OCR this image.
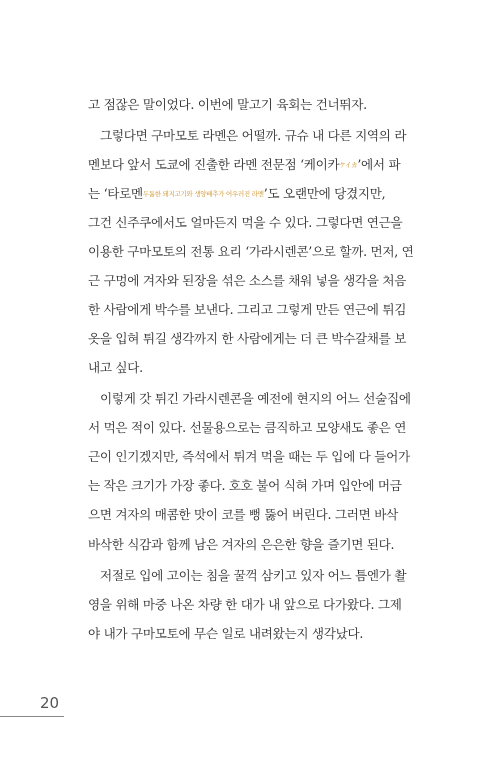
고 점잖은 말이었다. 이번에 말고기 육회는 건너뛰자.
그렇다면 구마모토 라멘은 어떨까. 규슈 내 다른 지역의 라
멘보다 앞서 도쿄에 진출한 라멘 전문점 ‘케이카ケイカ’에서 파
는 ‘타로멘두툼한 돼지고기와 생양배추가 어우러진 라멘’도 오랜만에 당겼지만,
그건 신주쿠에서도 얼마든지 먹을 수 있다. 그렇다면 연근을
이용한 구마모토의 전통 요리 ‘가라시렌콘’으로 할까. 먼저, 연
근 구멍에 겨자와 된장을 섞은 소스를 채워 넣을 생각을 처음
한 사람에게 박수를 보낸다. 그리고 그렇게 만든 연근에 튀김
옷을 입혀 튀길 생각까지 한 사람에게는 더 큰 박수갈채를 보
내고 싶다.
이렇게 갓 튀긴 가라시렌콘을 예전에 현지의 어느 선술집에
서 먹은 적이 있다. 선물용으로는 큼직하고 모양새도 좋은 연
근이 인기겠지만, 즉석에서 튀겨 먹을 때는 두 입에 다 들어가
는 작은 크기가 가장 좋다. 호호 불어 식혀 가며 입안에 머금
으면 겨자의 매콤한 맛이 코를 뻥 뚫어 버린다. 그러면 바삭
바삭한 식감과 함께 남은 겨자의 은은한 향을 즐기면 된다.
저절로 입에 고이는 침을 꿀꺽 삼키고 있자 어느 틈엔가 촬
영을 위해 마중 나온 차량 한 대가 내 앞으로 다가왔다. 그제
야 내가 구마모토에 무슨 일로 내려왔는지 생각났다.
20
